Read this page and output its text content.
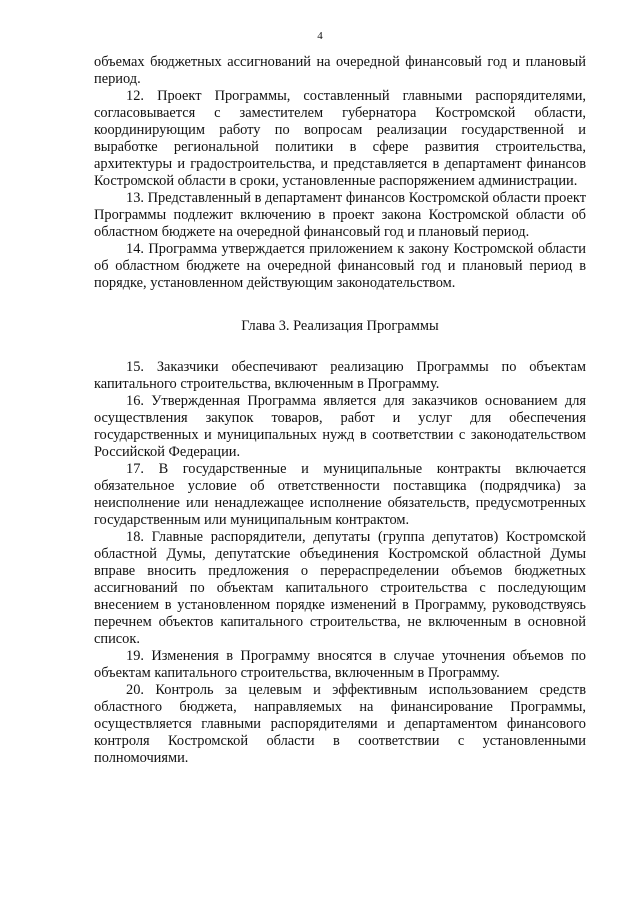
4

объемах бюджетных ассигнований на очередной финансовый год и плановый период.

12. Проект Программы, составленный главными распорядителями, согласовывается с заместителем губернатора Костромской области, координирующим работу по вопросам реализации государственной и выработке региональной политики в сфере развития строительства, архитектуры и градостроительства, и представляется в департамент финансов Костромской области в сроки, установленные распоряжением администрации.

13. Представленный в департамент финансов Костромской области проект Программы подлежит включению в проект закона Костромской области об областном бюджете на очередной финансовый год и плановый период.

14. Программа утверждается приложением к закону Костромской области об областном бюджете на очередной финансовый год и плановый период в порядке, установленном действующим законодательством.

Глава 3. Реализация Программы

15. Заказчики обеспечивают реализацию Программы по объектам капитального строительства, включенным в Программу.

16. Утвержденная Программа является для заказчиков основанием для осуществления закупок товаров, работ и услуг для обеспечения государственных и муниципальных нужд в соответствии с законодательством Российской Федерации.

17. В государственные и муниципальные контракты включается обязательное условие об ответственности поставщика (подрядчика) за неисполнение или ненадлежащее исполнение обязательств, предусмотренных государственным или муниципальным контрактом.

18. Главные распорядители, депутаты (группа депутатов) Костромской областной Думы, депутатские объединения Костромской областной Думы вправе вносить предложения о перераспределении объемов бюджетных ассигнований по объектам капитального строительства с последующим внесением в установленном порядке изменений в Программу, руководствуясь перечнем объектов капитального строительства, не включенным в основной список.

19. Изменения в Программу вносятся в случае уточнения объемов по объектам капитального строительства, включенным в Программу.

20. Контроль за целевым и эффективным использованием средств областного бюджета, направляемых на финансирование Программы, осуществляется главными распорядителями и департаментом финансового контроля Костромской области в соответствии с установленными полномочиями.
